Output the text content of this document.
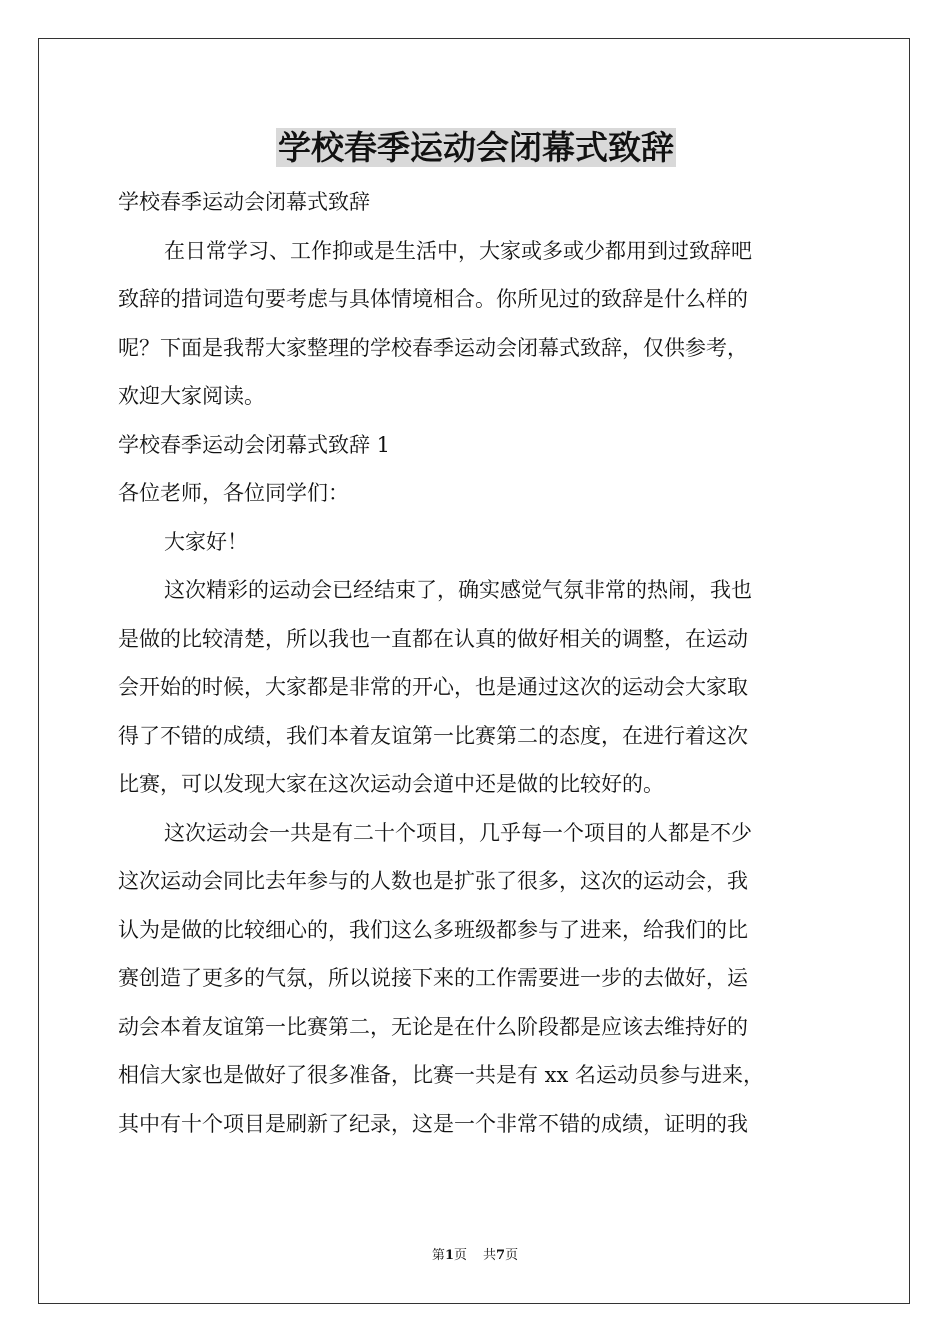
学校春季运动会闭幕式致辞

学校春季运动会闭幕式致辞

在日常学习、工作抑或是生活中，大家或多或少都用到过致辞吧

致辞的措词造句要考虑与具体情境相合。你所见过的致辞是什么样的

呢？下面是我帮大家整理的学校春季运动会闭幕式致辞，仅供参考，

欢迎大家阅读。

学校春季运动会闭幕式致辞 1

各位老师，各位同学们：

大家好！

这次精彩的运动会已经结束了，确实感觉气氛非常的热闹，我也

是做的比较清楚，所以我也一直都在认真的做好相关的调整，在运动

会开始的时候，大家都是非常的开心，也是通过这次的运动会大家取

得了不错的成绩，我们本着友谊第一比赛第二的态度，在进行着这次

比赛，可以发现大家在这次运动会道中还是做的比较好的。

这次运动会一共是有二十个项目，几乎每一个项目的人都是不少

这次运动会同比去年参与的人数也是扩张了很多，这次的运动会，我

认为是做的比较细心的，我们这么多班级都参与了进来，给我们的比

赛创造了更多的气氛，所以说接下来的工作需要进一步的去做好，运

动会本着友谊第一比赛第二，无论是在什么阶段都是应该去维持好的

相信大家也是做好了很多准备，比赛一共是有 xx 名运动员参与进来，

其中有十个项目是刷新了纪录，这是一个非常不错的成绩，证明的我

第1页 共7页
